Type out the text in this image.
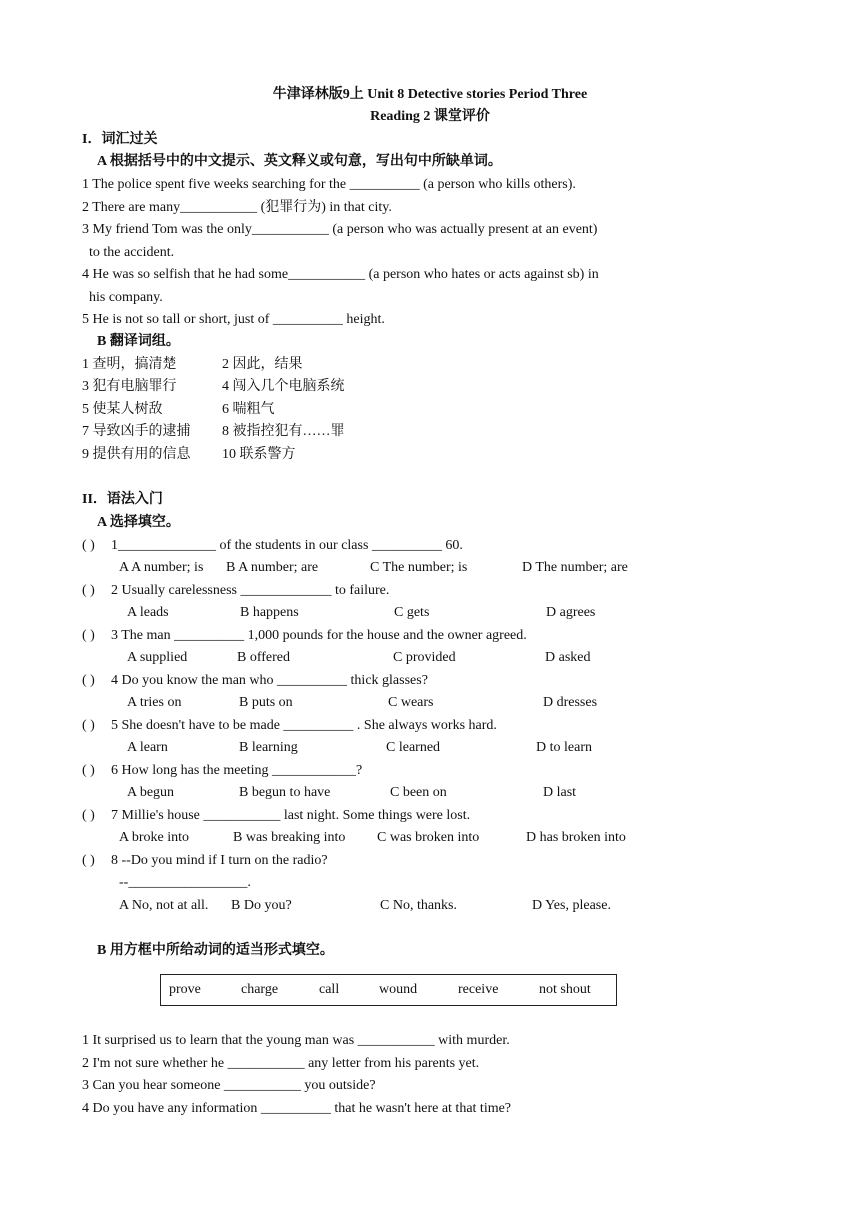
牛津译林版9上 Unit 8 Detective stories Period Three
Reading 2 课堂评价
I．词汇过关
A 根据括号中的中文提示、英文释义或句意，写出句中所缺单词。
1 The police spent five weeks searching for the __________ (a person who kills others).
2 There are many___________ (犯罪行为) in that city.
3 My friend Tom was the only___________ (a person who was actually present at an event)
to the accident.
4 He was so selfish that he had some___________ (a person who hates or acts against sb) in
his company.
5 He is not so tall or short, just of __________ height.
B 翻译词组。
1 查明，搞清楚	2 因此，结果
3 犯有电脑罪行	4 闯入几个电脑系统
5 使某人树敌	6 喘粗气
7 导致凶手的逮捕 8 被指控犯有……罪
9 提供有用的信息 10 联系警方
II．语法入门
A 选择填空。
( ) 1______________ of the students in our class __________ 60.
A A number; is B A number; are	C The number; is	D The number; are
( ) 2 Usually carelessness _____________ to failure.
A leads	B happens	C gets	D agrees
( ) 3 The man __________ 1,000 pounds for the house and the owner agreed.
A supplied	B offered	C provided	D asked
( ) 4 Do you know the man who __________ thick glasses?
A tries on	B puts on	C wears	D dresses
( ) 5 She doesn't have to be made __________ . She always works hard.
A learn	B learning	C learned	D to learn
( ) 6 How long has the meeting ____________?
A begun	B begun to have	C been on	D last
( ) 7 Millie's house ___________ last night. Some things were lost.
A broke into	B was breaking into C was broken into	D has broken into
( ) 8 --Do you mind if I turn on the radio?
--_________________.
A No, not at all. B Do you?	C No, thanks.	D Yes, please.
B 用方框中所给动词的适当形式填空。
prove	charge	call	wound	receive	not shout
1 It surprised us to learn that the young man was ___________ with murder.
2 I'm not sure whether he ___________ any letter from his parents yet.
3 Can you hear someone ___________ you outside?
4 Do you have any information __________ that he wasn't here at that time?
